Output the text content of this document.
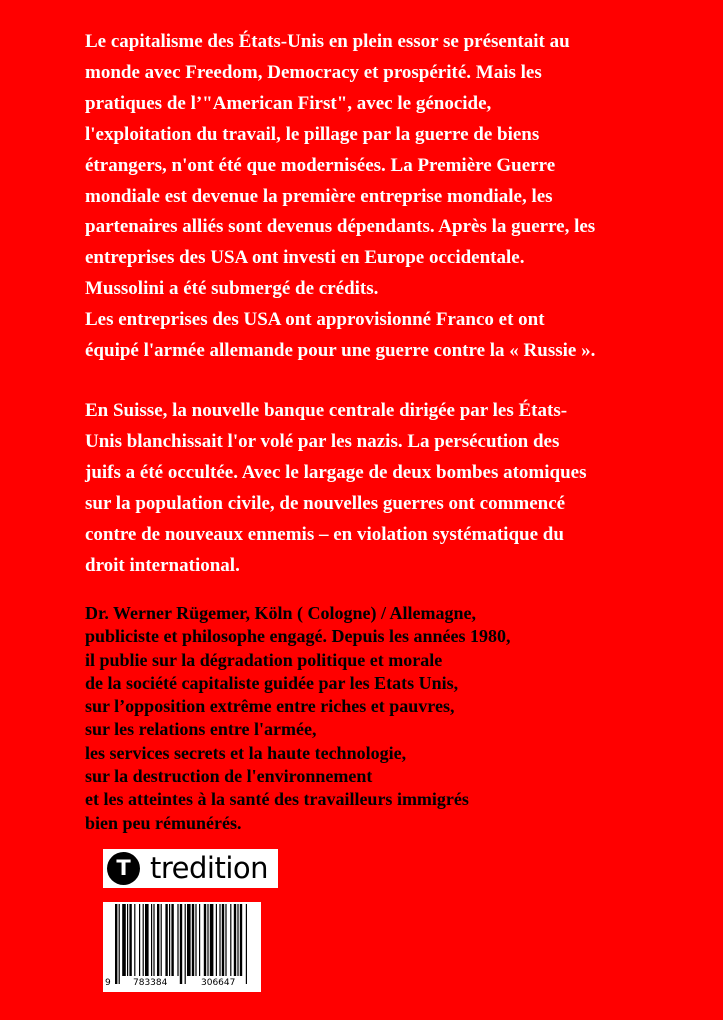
Le capitalisme des États-Unis en plein essor se présentait au
monde avec Freedom, Democracy et prospérité. Mais les
pratiques de l’"American First", avec le génocide,
l'exploitation du travail, le pillage par la guerre de biens
étrangers, n'ont été que modernisées. La Première Guerre
mondiale est devenue la première entreprise mondiale, les
partenaires alliés sont devenus dépendants. Après la guerre, les
entreprises des USA ont investi en Europe occidentale.
Mussolini a été submergé de crédits.
Les entreprises des USA ont approvisionné Franco et ont
équipé l'armée allemande pour une guerre contre la « Russie ».
En Suisse, la nouvelle banque centrale dirigée par les États-
Unis blanchissait l'or volé par les nazis. La persécution des
juifs a été occultée. Avec le largage de deux bombes atomiques
sur la population civile, de nouvelles guerres ont commencé
contre de nouveaux ennemis – en violation systématique du
droit international.
Dr. Werner Rügemer, Köln ( Cologne) / Allemagne,
publiciste et philosophe engagé. Depuis les années 1980,
il publie sur la dégradation politique et morale
de la société capitaliste guidée par les Etats Unis,
sur l’opposition extrême entre riches et pauvres,
sur les relations entre l'armée,
les services secrets et la haute technologie,
sur la destruction de l'environnement
et les atteintes à la santé des travailleurs immigrés
bien peu rémunérés.
T tredition
9 783384	306647
